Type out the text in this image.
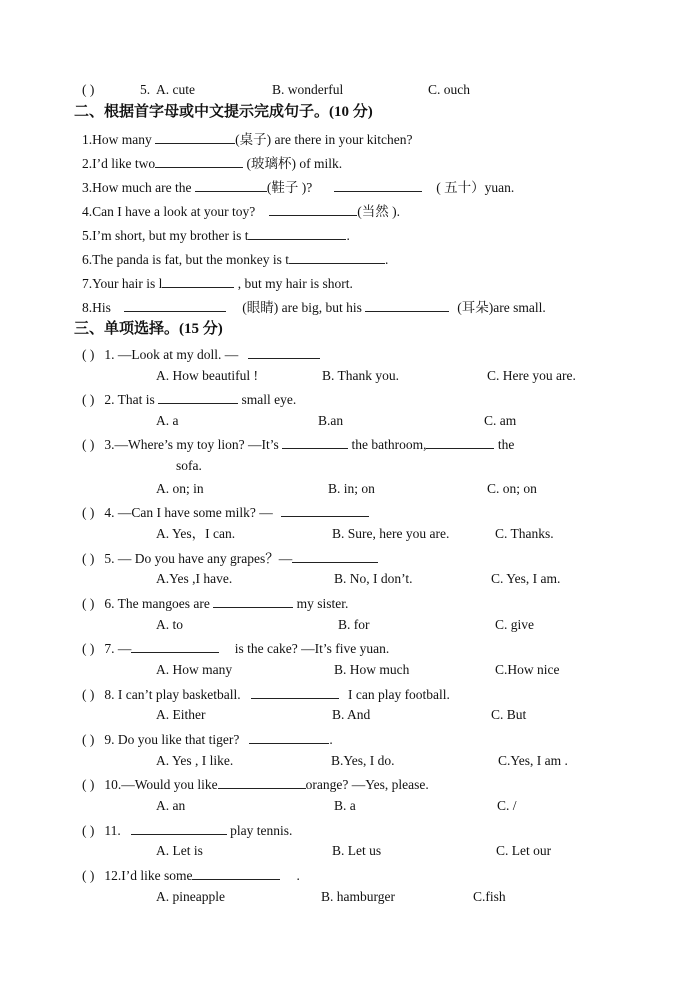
( )	5. A. cute	B. wonderful	C. ouch
二、根据首字母或中文提示完成句子。(10 分)
1.How many	(桌子) are there in your kitchen?
2.I’d like two	(玻璃杯) of milk.
3.How much are the	(鞋子 )?	( 五十）yuan.
4.Can I have a look at your toy?	(当然 ).
5.I’m short, but my brother is t	.
6.The panda is fat, but the monkey is t	.
7.Your hair is l	, but my hair is short.
8.His	(眼睛) are big, but his	(耳朵)are small.
三、单项选择。(15 分)
( ) 1. —Look at my doll. —
A. How beautiful !	B. Thank you.	C. Here you are.
( ) 2. That is	small eye.
A. a	B.an	C. am
( ) 3.—Where’s my toy lion? —It’s	the bathroom,	the
sofa.
A. on; in	B. in; on	C. on; on
( ) 4. —Can I have some milk? —
A. Yes，I can.	B. Sure, here you are.	C. Thanks.
( ) 5. — Do you have any grapes？—
A.Yes ,I have.	B. No, I don’t.	C. Yes, I am.
( ) 6. The mangoes are	my sister.
A. to	B. for	C. give
( ) 7. —	is the cake? —It’s five yuan.
A. How many	B. How much	C.How nice
( ) 8. I can’t play basketball.	I can play football.
A. Either	B. And	C. But
( ) 9. Do you like that tiger?	.
A. Yes , I like.	B.Yes, I do.	C.Yes, I am .
( ) 10.—Would you like	orange? —Yes, please.
A. an	B. a	C. /
( ) 11.	play tennis.
A. Let is	B. Let us	C. Let our
( ) 12.I’d like some	.
A. pineapple	B. hamburger	C.fish
